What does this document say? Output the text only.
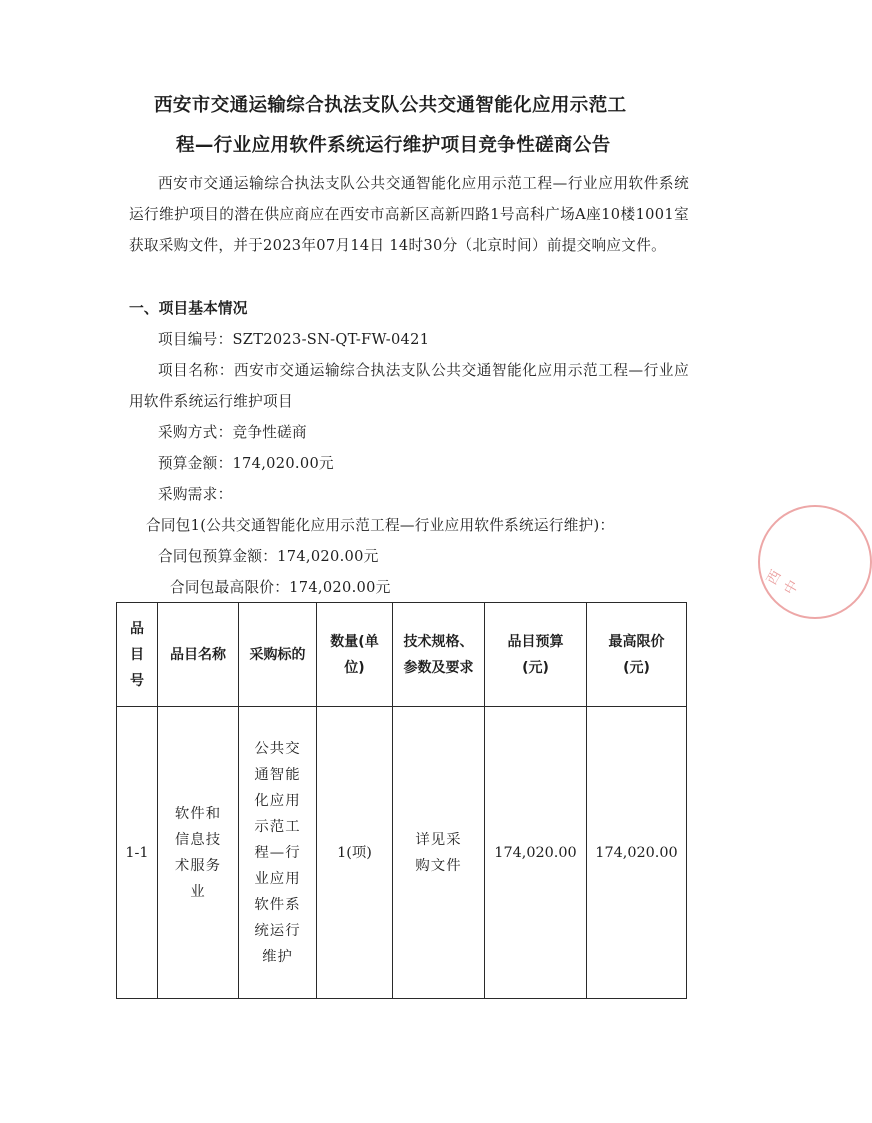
西安市交通运输综合执法支队公共交通智能化应用示范工
程—行业应用软件系统运行维护项目竞争性磋商公告

西安市交通运输综合执法支队公共交通智能化应用示范工程—行业应用软件系统运行维护项目的潜在供应商应在西安市高新区高新四路1号高科广场A座10楼1001室获取采购文件，并于2023年07月14日 14时30分（北京时间）前提交响应文件。

一、项目基本情况
项目编号：SZT2023-SN-QT-FW-0421

项目名称：西安市交通运输综合执法支队公共交通智能化应用示范工程—行业应用软件系统运行维护项目

采购方式：竞争性磋商
预算金额：174,020.00元
采购需求：
合同包1(公共交通智能化应用示范工程—行业应用软件系统运行维护)：
合同包预算金额：174,020.00元
合同包最高限价：174,020.00元
品目号	品目名称	采购标的	数量(单位)	技术规格、参数及要求	品目预算(元)	最高限价(元)
1-1	软件和信息技术服务业	公共交通智能化应用示范工程—行业应用软件系统运行维护	1(项)	详见采购文件	174,020.00	174,020.00
西 中
